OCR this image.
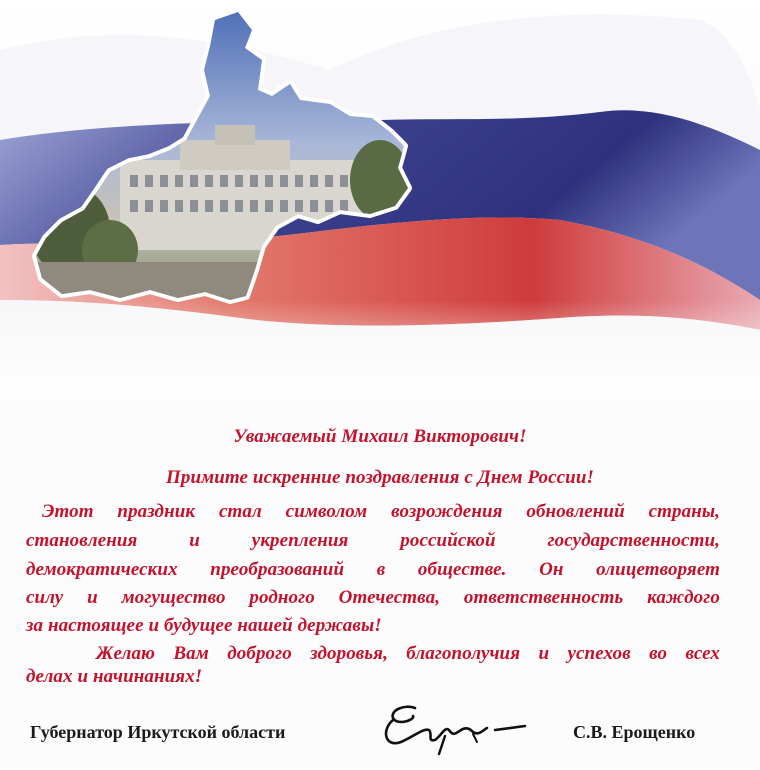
Уважаемый Михаил Викторович!
Примите искренние поздравления с Днем России!
Этот праздник стал символом возрождения обновлений страны,
становления и укрепления российской государственности,
демократических преобразований в обществе. Он олицетворяет
силу и могущество родного Отечества, ответственность каждого
за настоящее и будущее нашей державы!
Желаю Вам доброго здоровья, благополучия и успехов во всех
делах и начинаниях!
Губернатор Иркутской области	С.В. Ерощенко
